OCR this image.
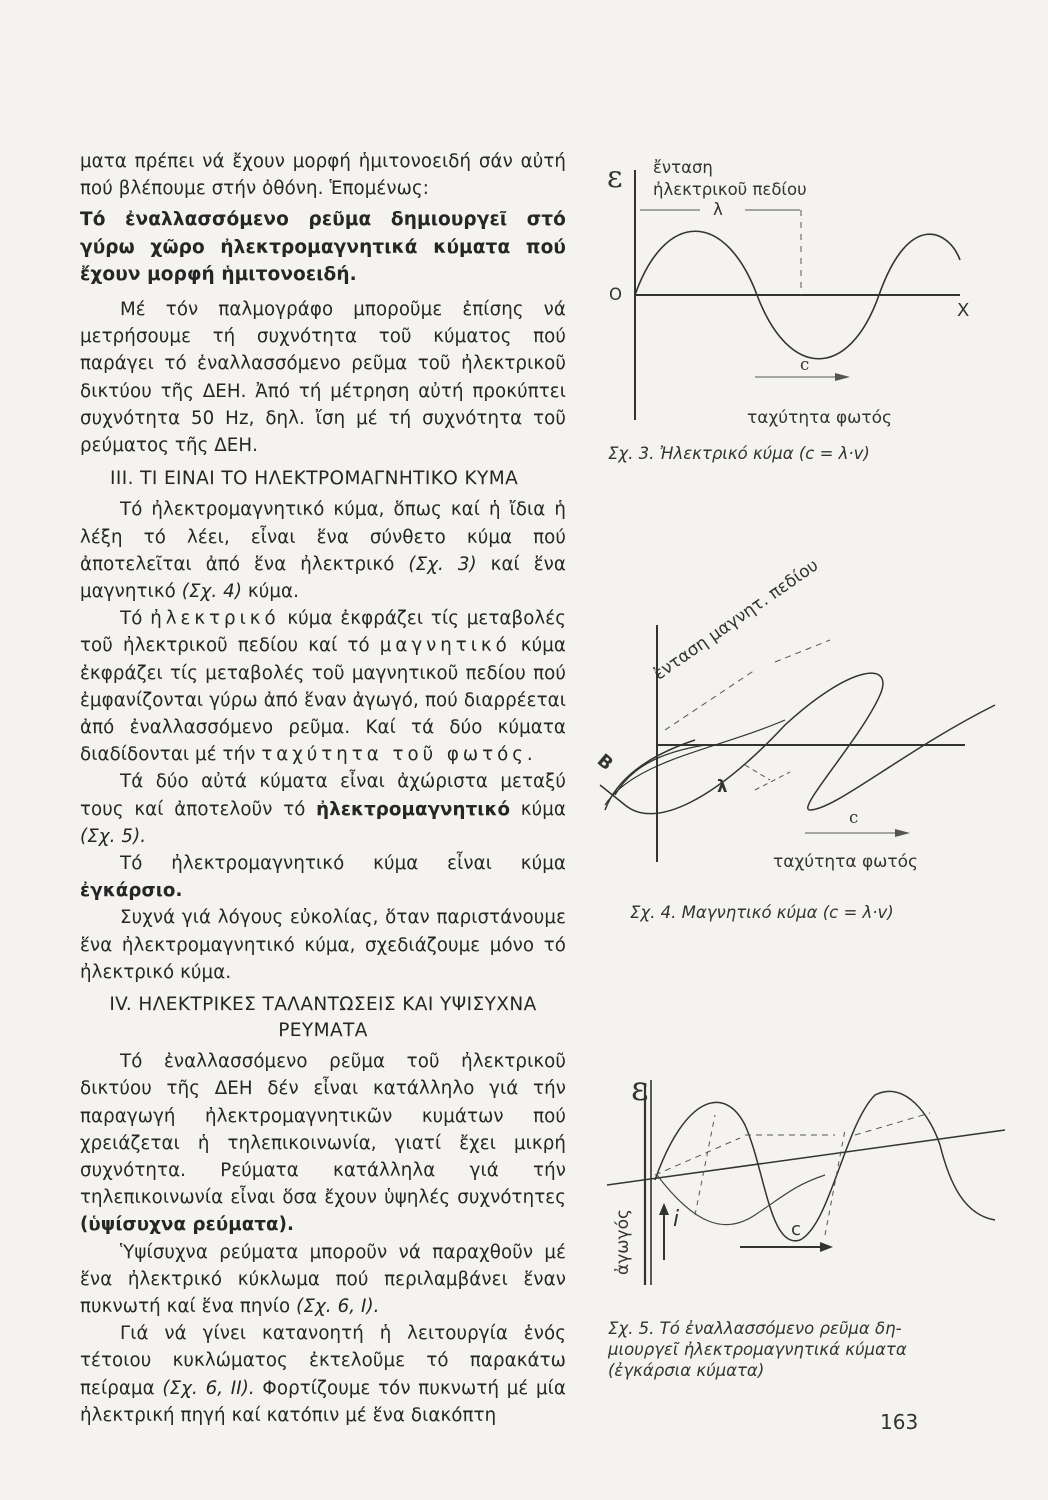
ματα πρέπει νά ἔχουν μορφή ἡμιτονοειδή σάν αὐτή πού βλέπουμε στήν ὀθόνη. Ἑπομένως:

Τό ἐναλλασσόμενο ρεῦμα δημιουργεῖ στό γύρω χῶρο ἠλεκτρομαγνητικά κύματα πού ἔχουν μορφή ἡμιτονοειδή.

Μέ τόν παλμογράφο μποροῦμε ἐπίσης νά μετρήσουμε τή συχνότητα τοῦ κύματος πού παράγει τό ἐναλλασσόμενο ρεῦμα τοῦ ἠλεκτρικοῦ δικτύου τῆς ΔΕΗ. Ἀπό τή μέτρηση αὐτή προκύπτει συχνότητα 50 Hz, δηλ. ἴση μέ τή συχνότητα τοῦ ρεύματος τῆς ΔΕΗ.

III. ΤΙ ΕΙΝΑΙ ΤΟ ΗΛΕΚΤΡΟΜΑΓΝΗΤΙΚΟ ΚΥΜΑ

Τό ἠλεκτρομαγνητικό κύμα, ὅπως καί ἡ ἴδια ἡ λέξη τό λέει, εἶναι ἕνα σύνθετο κύμα πού ἀποτελεῖται ἀπό ἕνα ἠλεκτρικό (Σχ. 3) καί ἕνα μαγνητικό (Σχ. 4) κύμα.

Τό ἠλεκτρικό κύμα ἐκφράζει τίς μεταβολές τοῦ ἠλεκτρικοῦ πεδίου καί τό μαγνητικό κύμα ἐκφράζει τίς μεταβολές τοῦ μαγνητικοῦ πεδίου πού ἐμφανίζονται γύρω ἀπό ἕναν ἀγωγό, πού διαρρέεται ἀπό ἐναλλασσόμενο ρεῦμα. Καί τά δύο κύματα διαδίδονται μέ τήν ταχύτητα τοῦ φωτός.

Τά δύο αὐτά κύματα εἶναι ἀχώριστα μεταξύ τους καί ἀποτελοῦν τό ἠλεκτρομαγνητικό κύμα (Σχ. 5).

Τό ἠλεκτρομαγνητικό κύμα εἶναι κύμα ἐγκάρσιο.

Συχνά γιά λόγους εὐκολίας, ὅταν παριστάνουμε ἕνα ἠλεκτρομαγνητικό κύμα, σχεδιάζουμε μόνο τό ἠλεκτρικό κύμα.

IV. ΗΛΕΚΤΡΙΚΕΣ ΤΑΛΑΝΤΩΣΕΙΣ ΚΑΙ ΥΨΙΣΥΧΝΑ
ΡΕΥΜΑΤΑ

Τό ἐναλλασσόμενο ρεῦμα τοῦ ἠλεκτρικοῦ δικτύου τῆς ΔΕΗ δέν εἶναι κατάλληλο γιά τήν παραγωγή ἠλεκτρομαγνητικῶν κυμάτων πού χρειάζεται ἡ τηλεπικοινωνία, γιατί ἔχει μικρή συχνότητα. Ρεύματα κατάλληλα γιά τήν τηλεπικοινωνία εἶναι ὅσα ἔχουν ὑψηλές συχνότητες (ὑψίσυχνα ρεύματα).

Ὑψίσυχνα ρεύματα μποροῦν νά παραχθοῦν μέ ἕνα ἠλεκτρικό κύκλωμα πού περιλαμβάνει ἕναν πυκνωτή καί ἕνα πηνίο (Σχ. 6, I).

Γιά νά γίνει κατανοητή ἡ λειτουργία ἑνός τέτοιου κυκλώματος ἐκτελοῦμε τό παρακάτω πείραμα (Σχ. 6, II). Φορτίζουμε τόν πυκνωτή μέ μία ἠλεκτρική πηγή καί κατόπιν μέ ἕνα διακόπτη

ε ἔνταση
ἠλεκτρικοῦ πεδίου
λ
O
X
c
ταχύτητα φωτός
Σχ. 3. Ἠλεκτρικό κύμα (c = λ·v)
ἔνταση μαγνητ. πεδίου
B
λ
c
ταχύτητα φωτός
Σχ. 4. Μαγνητικό κύμα (c = λ·v)
ε
ἀγωγός i	c
Σχ. 5. Τό ἐναλλασσόμενο ρεῦμα δη-
μιουργεῖ ἠλεκτρομαγνητικά κύματα
(ἐγκάρσια κύματα)
163
